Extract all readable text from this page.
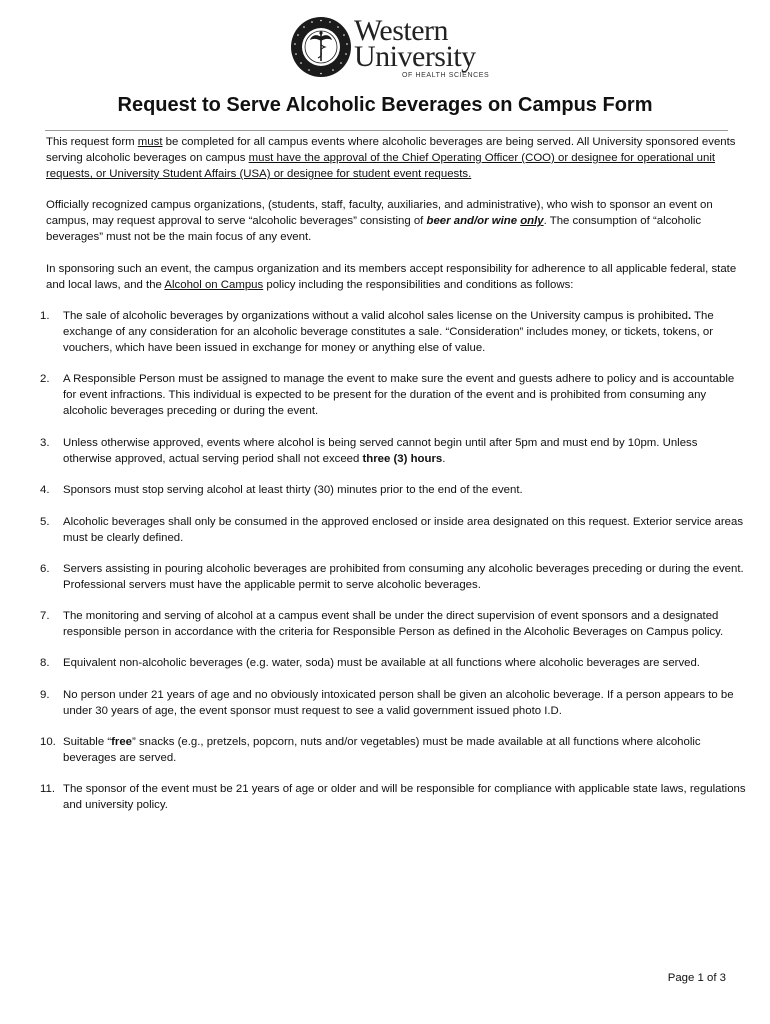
Western
University
OF HEALTH SCIENCES
Request to Serve Alcoholic Beverages on Campus Form

This request form must be completed for all campus events where alcoholic beverages are being served. All University sponsored events serving alcoholic beverages on campus must have the approval of the Chief Operating Officer (COO) or designee for operational unit requests, or University Student Affairs (USA) or designee for student event requests.

Officially recognized campus organizations, (students, staff, faculty, auxiliaries, and administrative), who wish to sponsor an event on campus, may request approval to serve “alcoholic beverages” consisting of beer and/or wine only. The consumption of “alcoholic beverages” must not be the main focus of any event.

In sponsoring such an event, the campus organization and its members accept responsibility for adherence to all applicable federal, state and local laws, and the Alcohol on Campus policy including the responsibilities and conditions as follows:

1.	The sale of alcoholic beverages by organizations without a valid alcohol sales license on the University campus is prohibited. The exchange of any consideration for an alcoholic beverage constitutes a sale. “Consideration” includes money, or tickets, tokens, or vouchers, which have been issued in exchange for money or anything else of value.
2.	A Responsible Person must be assigned to manage the event to make sure the event and guests adhere to policy and is accountable for event infractions. This individual is expected to be present for the duration of the event and is prohibited from consuming any alcoholic beverages preceding or during the event.
3.	Unless otherwise approved, events where alcohol is being served cannot begin until after 5pm and must end by 10pm. Unless otherwise approved, actual serving period shall not exceed three (3) hours.
4.	Sponsors must stop serving alcohol at least thirty (30) minutes prior to the end of the event.
5.	Alcoholic beverages shall only be consumed in the approved enclosed or inside area designated on this request. Exterior service areas must be clearly defined.
6.	Servers assisting in pouring alcoholic beverages are prohibited from consuming any alcoholic beverages preceding or during the event. Professional servers must have the applicable permit to serve alcoholic beverages.
7.	The monitoring and serving of alcohol at a campus event shall be under the direct supervision of event sponsors and a designated responsible person in accordance with the criteria for Responsible Person as defined in the Alcoholic Beverages on Campus policy.
8.	Equivalent non-alcoholic beverages (e.g. water, soda) must be available at all functions where alcoholic beverages are served.
9.	No person under 21 years of age and no obviously intoxicated person shall be given an alcoholic beverage. If a person appears to be under 30 years of age, the event sponsor must request to see a valid government issued photo I.D.
10. Suitable “free” snacks (e.g., pretzels, popcorn, nuts and/or vegetables) must be made available at all functions where alcoholic beverages are served.
11. The sponsor of the event must be 21 years of age or older and will be responsible for compliance with applicable state laws, regulations and university policy.
Page 1 of 3
